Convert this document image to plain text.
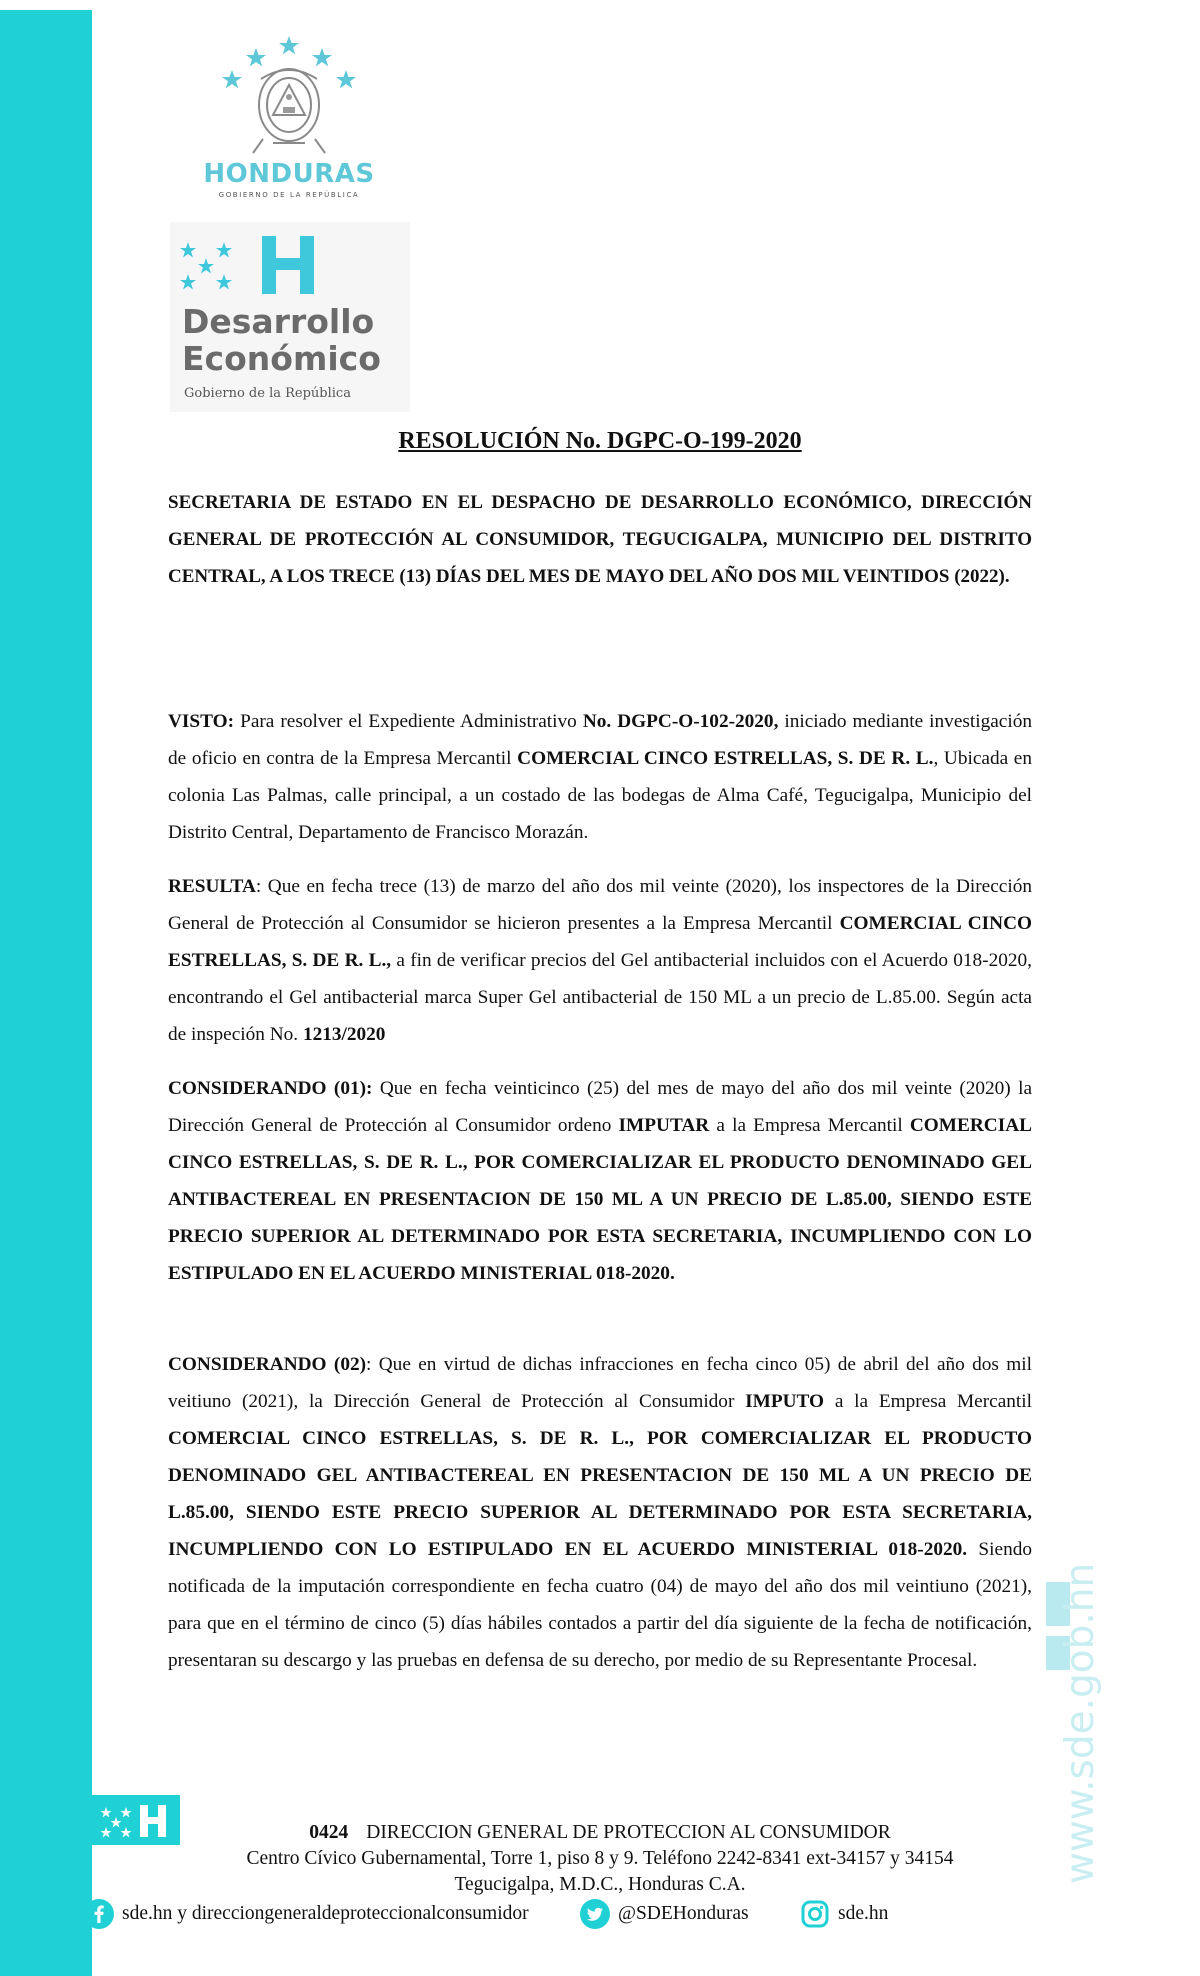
HONDURAS
GOBIERNO DE LA REPÚBLICA
Desarrollo
Económico
Gobierno de la República
RESOLUCIÓN No. DGPC-O-199-2020

SECRETARIA DE ESTADO EN EL DESPACHO DE DESARROLLO ECONÓMICO, DIRECCIÓN GENERAL DE PROTECCIÓN AL CONSUMIDOR, TEGUCIGALPA, MUNICIPIO DEL DISTRITO CENTRAL, A LOS TRECE (13) DÍAS DEL MES DE MAYO DEL AÑO DOS MIL VEINTIDOS (2022).

VISTO: Para resolver el Expediente Administrativo No. DGPC-O-102-2020, iniciado mediante investigación de oficio en contra de la Empresa Mercantil COMERCIAL CINCO ESTRELLAS, S. DE R. L., Ubicada en colonia Las Palmas, calle principal, a un costado de las bodegas de Alma Café, Tegucigalpa, Municipio del Distrito Central, Departamento de Francisco Morazán.

RESULTA: Que en fecha trece (13) de marzo del año dos mil veinte (2020), los inspectores de la Dirección General de Protección al Consumidor se hicieron presentes a la Empresa Mercantil COMERCIAL CINCO ESTRELLAS, S. DE R. L., a fin de verificar precios del Gel antibacterial incluidos con el Acuerdo 018-2020, encontrando el Gel antibacterial marca Super Gel antibacterial de 150 ML a un precio de L.85.00. Según acta de inspeción No. 1213/2020

CONSIDERANDO (01): Que en fecha veinticinco (25) del mes de mayo del año dos mil veinte (2020) la Dirección General de Protección al Consumidor ordeno IMPUTAR a la Empresa Mercantil COMERCIAL CINCO ESTRELLAS, S. DE R. L., POR COMERCIALIZAR EL PRODUCTO DENOMINADO GEL ANTIBACTEREAL EN PRESENTACION DE 150 ML A UN PRECIO DE L.85.00, SIENDO ESTE PRECIO SUPERIOR AL DETERMINADO POR ESTA SECRETARIA, INCUMPLIENDO CON LO ESTIPULADO EN EL ACUERDO MINISTERIAL 018-2020.

CONSIDERANDO (02): Que en virtud de dichas infracciones en fecha cinco 05) de abril del año dos mil veitiuno (2021), la Dirección General de Protección al Consumidor IMPUTO a la Empresa Mercantil COMERCIAL CINCO ESTRELLAS, S. DE R. L., POR COMERCIALIZAR EL PRODUCTO DENOMINADO GEL ANTIBACTEREAL EN PRESENTACION DE 150 ML A UN PRECIO DE L.85.00, SIENDO ESTE PRECIO SUPERIOR AL DETERMINADO POR ESTA SECRETARIA, INCUMPLIENDO CON LO ESTIPULADO EN EL ACUERDO MINISTERIAL 018-2020. Siendo notificada de la imputación correspondiente en fecha cuatro (04) de mayo del año dos mil veintiuno (2021), para que en el término de cinco (5) días hábiles contados a partir del día siguiente de la fecha de notificación, presentaran su descargo y las pruebas en defensa de su derecho, por medio de su Representante Procesal.	www.sde.gob.hn
0424 DIRECCION GENERAL DE PROTECCION AL CONSUMIDOR
Centro Cívico Gubernamental, Torre 1, piso 8 y 9. Teléfono 2242-8341 ext-34157 y 34154
Tegucigalpa, M.D.C., Honduras C.A.
sde.hn y direcciongeneraldeproteccionalconsumidor	@SDEHonduras	sde.hn
